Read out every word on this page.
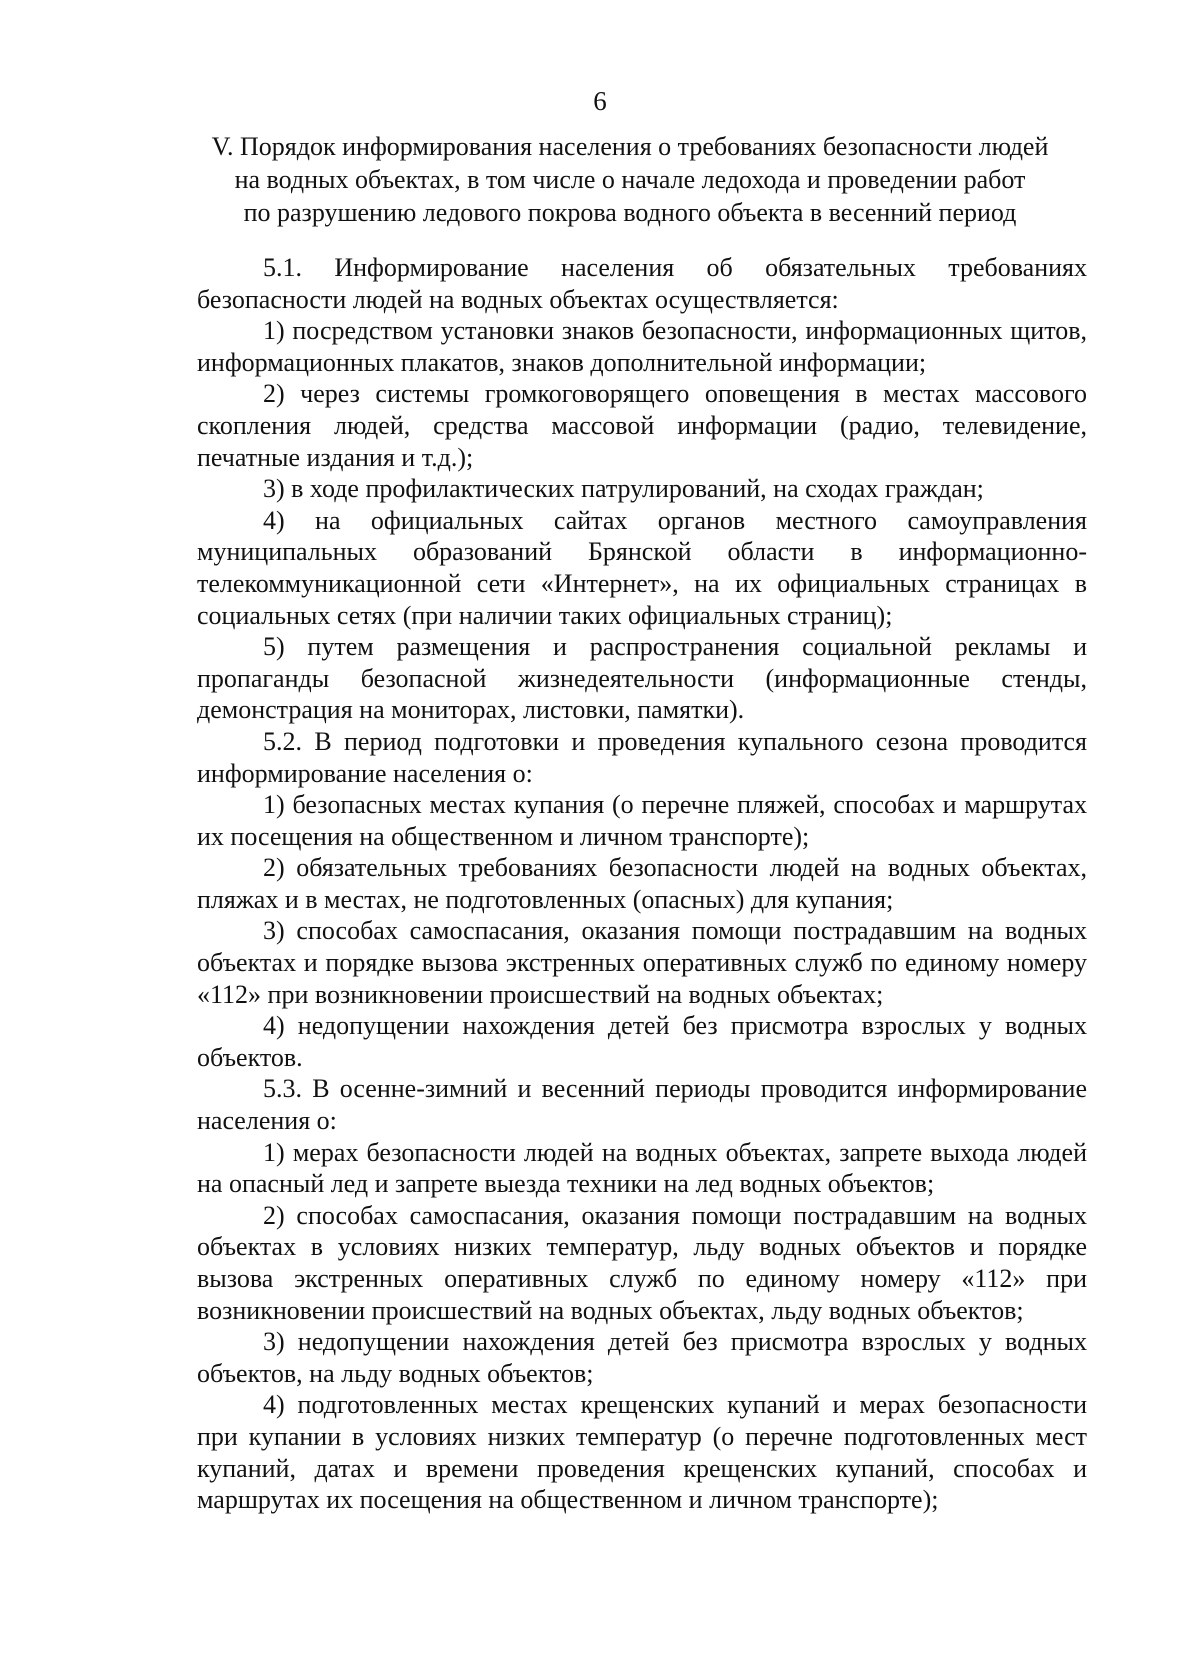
6
V. Порядок информирования населения о требованиях безопасности людей
на водных объектах, в том числе о начале ледохода и проведении работ
по разрушению ледового покрова водного объекта в весенний период

5.1. Информирование населения об обязательных требованиях безопасности людей на водных объектах осуществляется:

1) посредством установки знаков безопасности, информационных щитов, информационных плакатов, знаков дополнительной информации;

2) через системы громкоговорящего оповещения в местах массового скопления людей, средства массовой информации (радио, телевидение, печатные издания и т.д.);

3) в ходе профилактических патрулирований, на сходах граждан;

4) на официальных сайтах органов местного самоуправления муниципальных образований Брянской области в информационно-телекоммуникационной сети «Интернет», на их официальных страницах в социальных сетях (при наличии таких официальных страниц);

5) путем размещения и распространения социальной рекламы и пропаганды безопасной жизнедеятельности (информационные стенды, демонстрация на мониторах, листовки, памятки).

5.2. В период подготовки и проведения купального сезона проводится информирование населения о:

1) безопасных местах купания (о перечне пляжей, способах и маршрутах их посещения на общественном и личном транспорте);

2) обязательных требованиях безопасности людей на водных объектах, пляжах и в местах, не подготовленных (опасных) для купания;

3) способах самоспасания, оказания помощи пострадавшим на водных объектах и порядке вызова экстренных оперативных служб по единому номеру «112» при возникновении происшествий на водных объектах;

4) недопущении нахождения детей без присмотра взрослых у водных объектов.

5.3. В осенне-зимний и весенний периоды проводится информирование населения о:

1) мерах безопасности людей на водных объектах, запрете выхода людей на опасный лед и запрете выезда техники на лед водных объектов;

2) способах самоспасания, оказания помощи пострадавшим на водных объектах в условиях низких температур, льду водных объектов и порядке вызова экстренных оперативных служб по единому номеру «112» при возникновении происшествий на водных объектах, льду водных объектов;

3) недопущении нахождения детей без присмотра взрослых у водных объектов, на льду водных объектов;

4) подготовленных местах крещенских купаний и мерах безопасности при купании в условиях низких температур (о перечне подготовленных мест купаний, датах и времени проведения крещенских купаний, способах и маршрутах их посещения на общественном и личном транспорте);
